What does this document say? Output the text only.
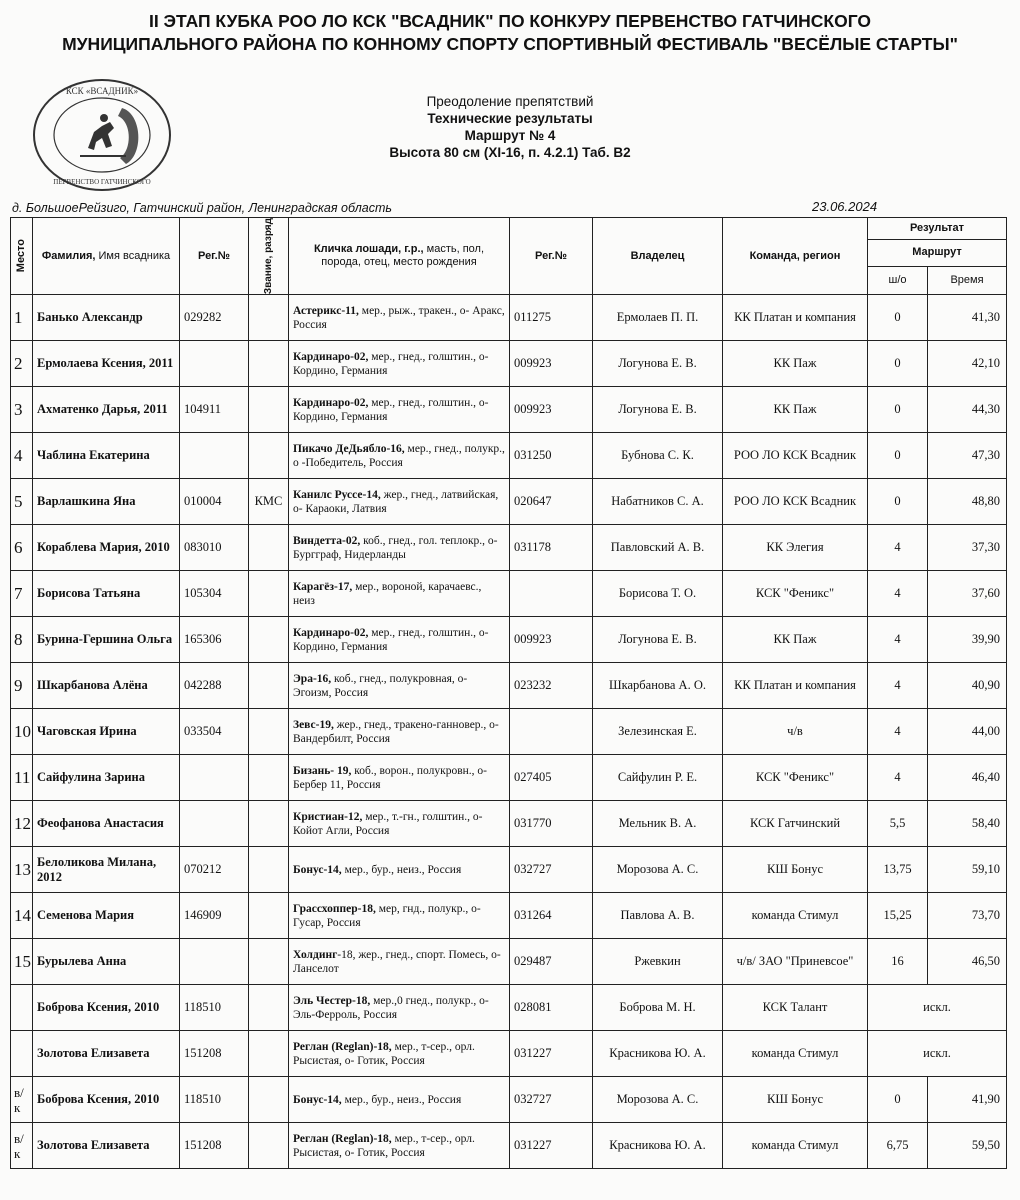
II ЭТАП КУБКА РОО ЛО КСК "ВСАДНИК" ПО КОНКУРУ ПЕРВЕНСТВО ГАТЧИНСКОГО
МУНИЦИПАЛЬНОГО РАЙОНА ПО КОННОМУ СПОРТУ СПОРТИВНЫЙ ФЕСТИВАЛЬ "ВЕСЁЛЫЕ СТАРТЫ"
КСК «ВСАДНИК»
ПЕРВЕНСТВО ГАТЧИНСКОГО
Преодоление препятствий
Технические результаты
Маршрут № 4
Высота 80 см (XI-16, п. 4.2.1) Таб. В2
д. БольшоеРейзиго, Гатчинский район, Ленинградская область	23.06.2024
Место	Фамилия, Имя всадника	Рег.№	Звание, разряд	Кличка лошади, г.р., масть, пол, порода, отец, место рождения	Рег.№	Владелец	Команда, регион	Результат	
								Маршрут	
								ш/о	Время
1	Банько Александр	029282		Астерикс-11, мер., рыж., тракен., о- Аракс, Россия	011275	Ермолаев П. П.	КК Платан и компания	0	41,30
2	Ермолаева Ксения, 2011			Кардинаро-02, мер., гнед., голштин., о- Кордино, Германия	009923	Логунова Е. В.	КК Паж	0	42,10
3	Ахматенко Дарья, 2011	104911		Кардинаро-02, мер., гнед., голштин., о- Кордино, Германия	009923	Логунова Е. В.	КК Паж	0	44,30
4	Чаблина Екатерина			Пикачо ДеДьябло-16, мер., гнед., полукр., о -Победитель, Россия	031250	Бубнова С. К.	РОО ЛО КСК Всадник	0	47,30
5	Варлашкина Яна	010004	КМС	Канилс Руссе-14, жер., гнед., латвийская, о- Караоки, Латвия	020647	Набатников С. А.	РОО ЛО КСК Всадник	0	48,80
6	Кораблева Мария, 2010	083010		Виндетта-02, коб., гнед., гол. теплокр., о-Бургграф, Нидерланды	031178	Павловский А. В.	КК Элегия	4	37,30
7	Борисова Татьяна	105304		Карагёз-17, мер., вороной, карачаевс., неиз		Борисова Т. О.	КСК "Феникс"	4	37,60
8	Бурина-Гершина Ольга	165306		Кардинаро-02, мер., гнед., голштин., о- Кордино, Германия	009923	Логунова Е. В.	КК Паж	4	39,90
9	Шкарбанова Алёна	042288		Эра-16, коб., гнед., полукровная, о- Эгоизм, Россия	023232	Шкарбанова А. О.	КК Платан и компания	4	40,90
10	Чаговская Ирина	033504		Зевс-19, жер., гнед., тракено-ганновер., о- Вандербилт, Россия		Зелезинская Е.	ч/в	4	44,00
11	Сайфулина Зарина			Бизань- 19, коб., ворон., полукровн., о- Бербер 11, Россия	027405	Сайфулин Р. Е.	КСК "Феникс"	4	46,40
12	Феофанова Анастасия			Кристиан-12, мер., т.-гн., голштин., о- Койот Агли, Россия	031770	Мельник В. А.	КСК Гатчинский	5,5	58,40
13	Белоликова Милана, 2012	070212		Бонус-14, мер., бур., неиз., Россия	032727	Морозова А. С.	КШ Бонус	13,75	59,10
14	Семенова Мария	146909		Грассхоппер-18, мер, гнд., полукр., о- Гусар, Россия	031264	Павлова А. В.	команда Стимул	15,25	73,70
15	Бурылева Анна			Холдинг-18, жер., гнед., спорт. Помесь, о-Ланселот	029487	Ржевкин	ч/в/ ЗАО "Приневсое"	16	46,50
	Боброва Ксения, 2010	118510		Эль Честер-18, мер.,0 гнед., полукр., о- Эль-Ферроль, Россия	028081	Боброва М. Н.	КСК Талант	искл.	
	Золотова Елизавета	151208		Реглан (Reglan)-18, мер., т-сер., орл. Рысистая, о- Готик, Россия	031227	Красникова Ю. А.	команда Стимул	искл.	
в/к	Боброва Ксения, 2010	118510		Бонус-14, мер., бур., неиз., Россия	032727	Морозова А. С.	КШ Бонус	0	41,90
в/к	Золотова Елизавета	151208		Реглан (Reglan)-18, мер., т-сер., орл. Рысистая, о- Готик, Россия	031227	Красникова Ю. А.	команда Стимул	6,75	59,50
